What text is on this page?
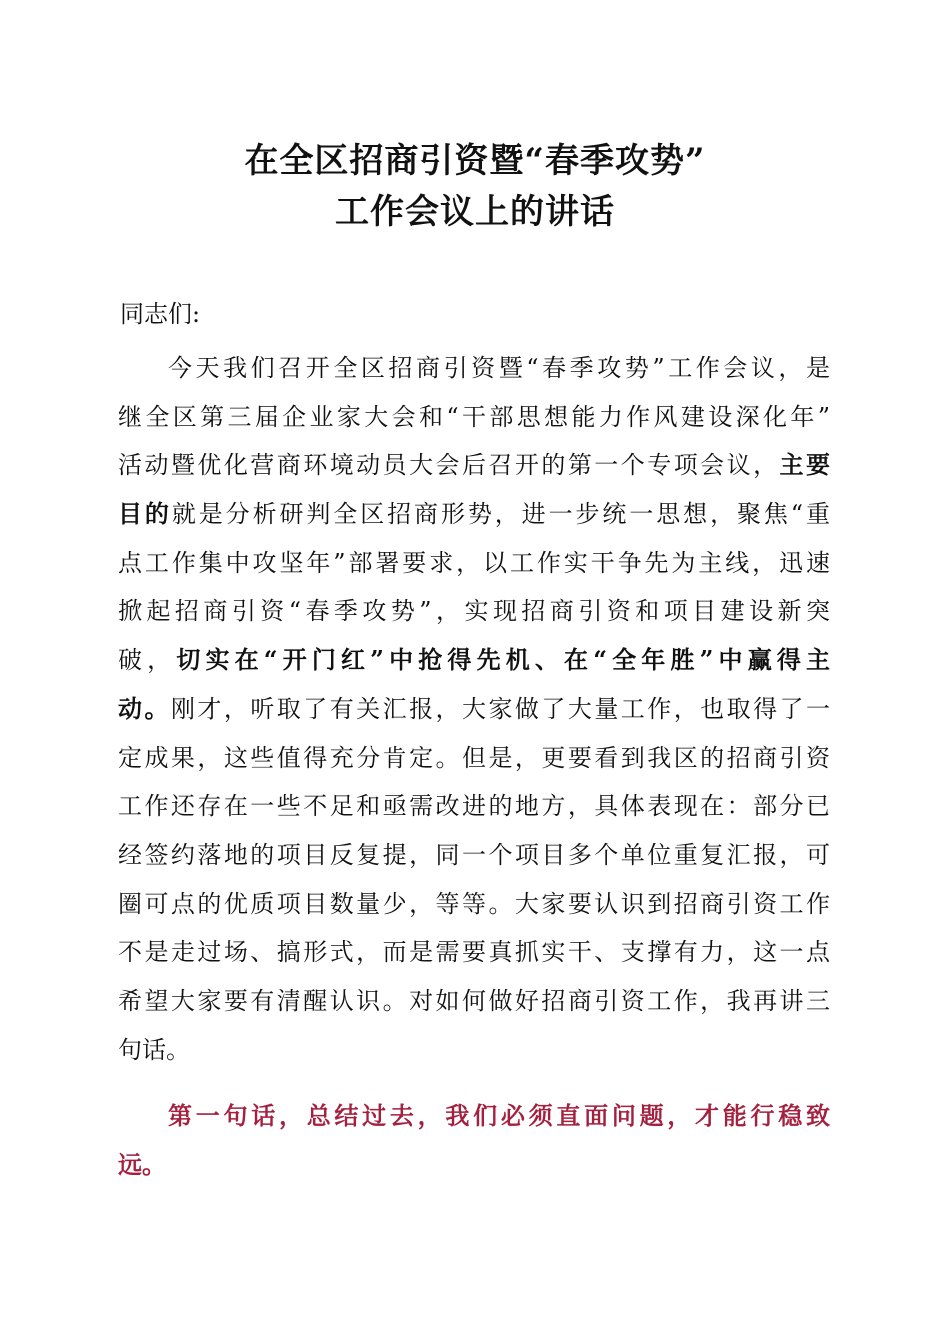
在全区招商引资暨“春季攻势”
工作会议上的讲话
同志们:
今天我们召开全区招商引资暨“春季攻势”工作会议，是
继全区第三届企业家大会和“干部思想能力作风建设深化年”
活动暨优化营商环境动员大会后召开的第一个专项会议，主要
目的就是分析研判全区招商形势，进一步统一思想，聚焦“重
点工作集中攻坚年”部署要求，以工作实干争先为主线，迅速
掀起招商引资“春季攻势”，实现招商引资和项目建设新突
破，切实在“开门红”中抢得先机、在“全年胜”中赢得主
动。刚才，听取了有关汇报，大家做了大量工作，也取得了一
定成果，这些值得充分肯定。但是，更要看到我区的招商引资
工作还存在一些不足和亟需改进的地方，具体表现在：部分已
经签约落地的项目反复提，同一个项目多个单位重复汇报，可
圈可点的优质项目数量少，等等。大家要认识到招商引资工作
不是走过场、搞形式，而是需要真抓实干、支撑有力，这一点
希望大家要有清醒认识。对如何做好招商引资工作，我再讲三
句话。
第一句话，总结过去，我们必须直面问题，才能行稳致
远。
